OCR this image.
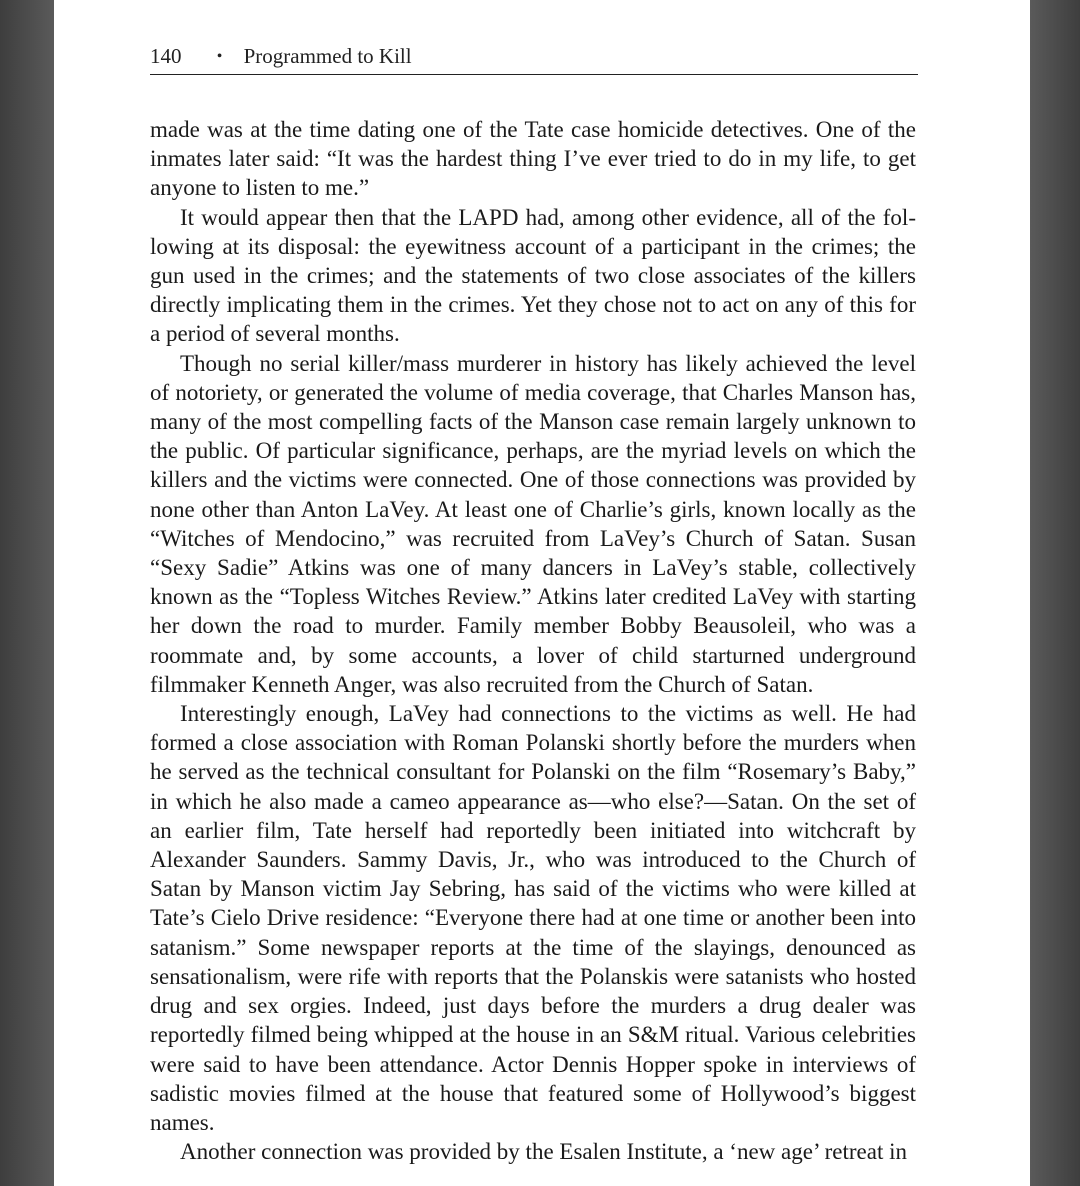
140 • Programmed to Kill

made was at the time dating one of the Tate case homicide detectives. One of the inmates later said: “It was the hardest thing I’ve ever tried to do in my life, to get anyone to listen to me.”

It would appear then that the LAPD had, among other evidence, all of the following at its disposal: the eyewitness account of a participant in the crimes; the gun used in the crimes; and the statements of two close associates of the killers directly implicating them in the crimes. Yet they chose not to act on any of this for a period of several months.

Though no serial killer/mass murderer in history has likely achieved the level of notoriety, or generated the volume of media coverage, that Charles Manson has, many of the most compelling facts of the Manson case remain largely unknown to the public. Of particular significance, perhaps, are the myriad levels on which the killers and the victims were connected. One of those connections was provided by none other than Anton LaVey. At least one of Charlie’s girls, known locally as the “Witches of Mendocino,” was recruited from LaVey’s Church of Satan. Susan “Sexy Sadie” Atkins was one of many dancers in LaVey’s stable, collectively known as the “Topless Witches Review.” Atkins later credited LaVey with starting her down the road to murder. Family member Bobby Beausoleil, who was a roommate and, by some accounts, a lover of child starturned underground filmmaker Kenneth Anger, was also recruited from the Church of Satan.

Interestingly enough, LaVey had connections to the victims as well. He had formed a close association with Roman Polanski shortly before the murders when he served as the technical consultant for Polanski on the film “Rosemary’s Baby,” in which he also made a cameo appearance as—who else?—Satan. On the set of an earlier film, Tate herself had reportedly been initiated into witchcraft by Alexander Saunders. Sammy Davis, Jr., who was introduced to the Church of Satan by Manson victim Jay Sebring, has said of the victims who were killed at Tate’s Cielo Drive residence: “Everyone there had at one time or another been into satanism.” Some newspaper reports at the time of the slayings, denounced as sensationalism, were rife with reports that the Polanskis were satanists who hosted drug and sex orgies. Indeed, just days before the murders a drug dealer was reportedly filmed being whipped at the house in an S&M ritual. Various celebrities were said to have been attendance. Actor Dennis Hopper spoke in interviews of sadistic movies filmed at the house that featured some of Hollywood’s biggest names.

Another connection was provided by the Esalen Institute, a ‘new age’ retreat in
